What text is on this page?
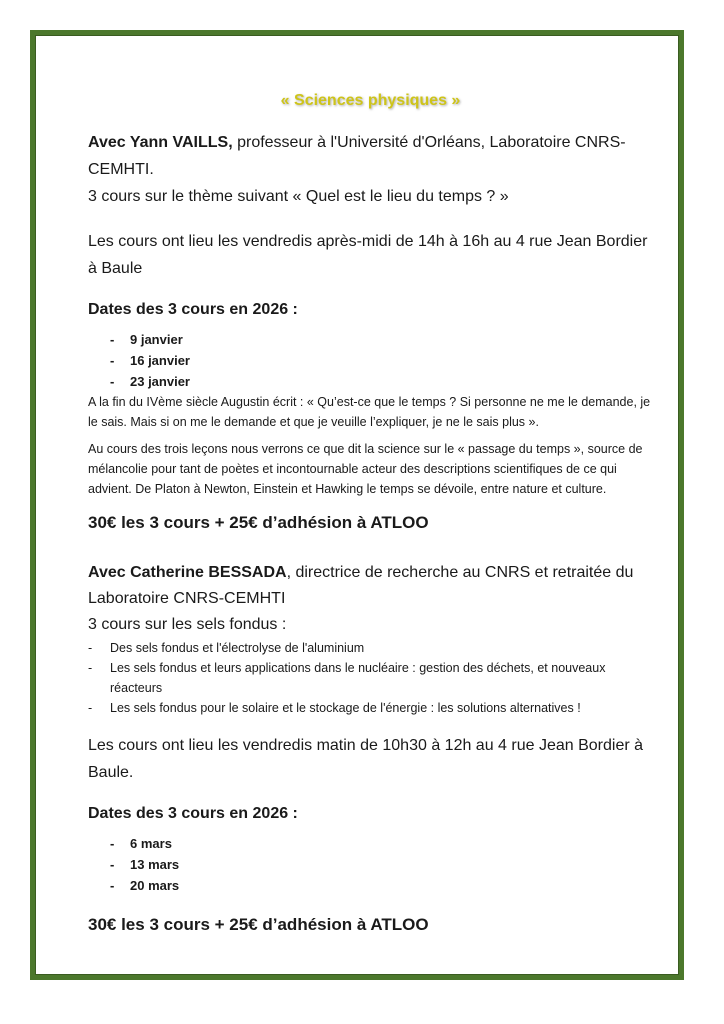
« Sciences physiques »
Avec Yann VAILLS, professeur à l'Université d'Orléans, Laboratoire CNRS-CEMHTI.
3 cours sur le thème suivant « Quel est le lieu du temps ? »
Les cours ont lieu les vendredis après-midi de 14h à 16h au 4 rue Jean Bordier à Baule
Dates des 3 cours en 2026 :
- 9 janvier
- 16 janvier
- 23 janvier
A la fin du IVème siècle Augustin écrit : « Qu’est-ce que le temps ? Si personne ne me le demande, je le sais. Mais si on me le demande et que je veuille l’expliquer, je ne le sais plus ».
Au cours des trois leçons nous verrons ce que dit la science sur le « passage du temps », source de mélancolie pour tant de poètes et incontournable acteur des descriptions scientifiques de ce qui advient. De Platon à Newton, Einstein et Hawking le temps se dévoile, entre nature et culture.
30€ les 3 cours + 25€ d’adhésion à ATLOO
Avec Catherine BESSADA, directrice de recherche au CNRS et retraitée du Laboratoire CNRS-CEMHTI
3 cours sur les sels fondus :
- Des sels fondus et l'électrolyse de l'aluminium
- Les sels fondus et leurs applications dans le nucléaire : gestion des déchets, et nouveaux réacteurs
- Les sels fondus pour le solaire et le stockage de l'énergie : les solutions alternatives !
Les cours ont lieu les vendredis matin de 10h30 à 12h au 4 rue Jean Bordier à Baule.
Dates des 3 cours en 2026 :
- 6 mars
- 13 mars
- 20 mars
30€ les 3 cours + 25€ d’adhésion à ATLOO
